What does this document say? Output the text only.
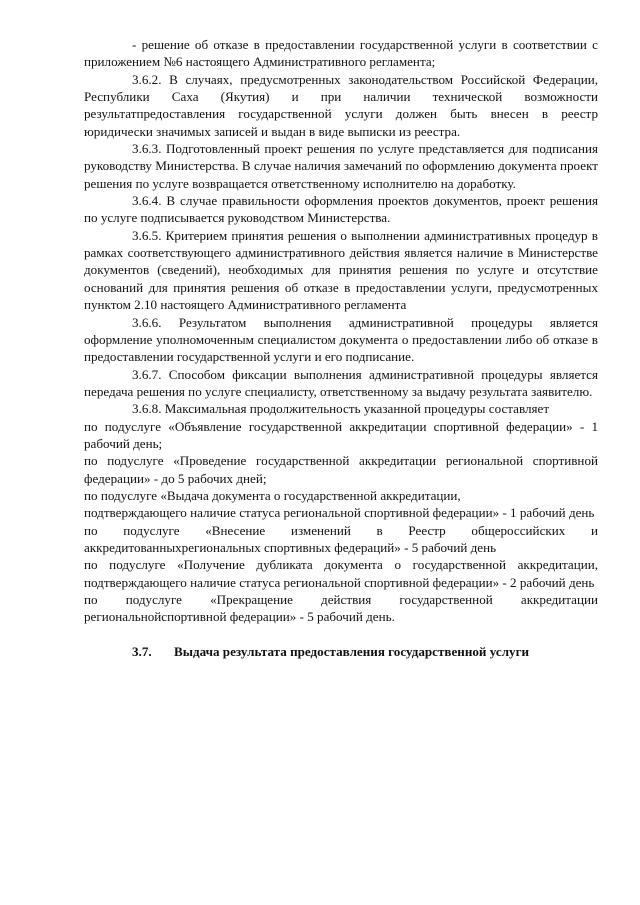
- решение об отказе в предоставлении государственной услуги в соответствии с приложением №6 настоящего Административного регламента;

3.6.2. В случаях, предусмотренных законодательством Российской Федерации, Республики Саха (Якутия) и при наличии технической возможности результатпредоставления государственной услуги должен быть внесен в реестр юридически значимых записей и выдан в виде выписки из реестра.

3.6.3. Подготовленный проект решения по услуге представляется для подписания руководству Министерства. В случае наличия замечаний по оформлению документа проект решения по услуге возвращается ответственному исполнителю на доработку.

3.6.4. В случае правильности оформления проектов документов, проект решения по услуге подписывается руководством Министерства.

3.6.5. Критерием принятия решения о выполнении административных процедур в рамках соответствующего административного действия является наличие в Министерстве документов (сведений), необходимых для принятия решения по услуге и отсутствие оснований для принятия решения об отказе в предоставлении услуги, предусмотренных пунктом 2.10 настоящего Административного регламента

3.6.6. Результатом выполнения административной процедуры является оформление уполномоченным специалистом документа о предоставлении либо об отказе в предоставлении государственной услуги и его подписание.

3.6.7. Способом фиксации выполнения административной процедуры является передача решения по услуге специалисту, ответственному за выдачу результата заявителю.

3.6.8. Максимальная продолжительность указанной процедуры составляет

по подуслуге «Объявление государственной аккредитации спортивной федерации» - 1 рабочий день;

по подуслуге «Проведение государственной аккредитации региональной спортивной федерации» - до 5 рабочих дней;

по подуслуге «Выдача документа о государственной аккредитации,

подтверждающего наличие статуса региональной спортивной федерации» - 1 рабочий день

по подуслуге «Внесение изменений в Реестр общероссийских и аккредитованныхрегиональных спортивных федераций» - 5 рабочий день

по подуслуге «Получение дубликата документа о государственной аккредитации, подтверждающего наличие статуса региональной спортивной федерации» - 2 рабочий день

по подуслуге «Прекращение действия государственной аккредитации региональнойспортивной федерации» - 5 рабочий день.

3.7.	Выдача результата предоставления государственной услуги
